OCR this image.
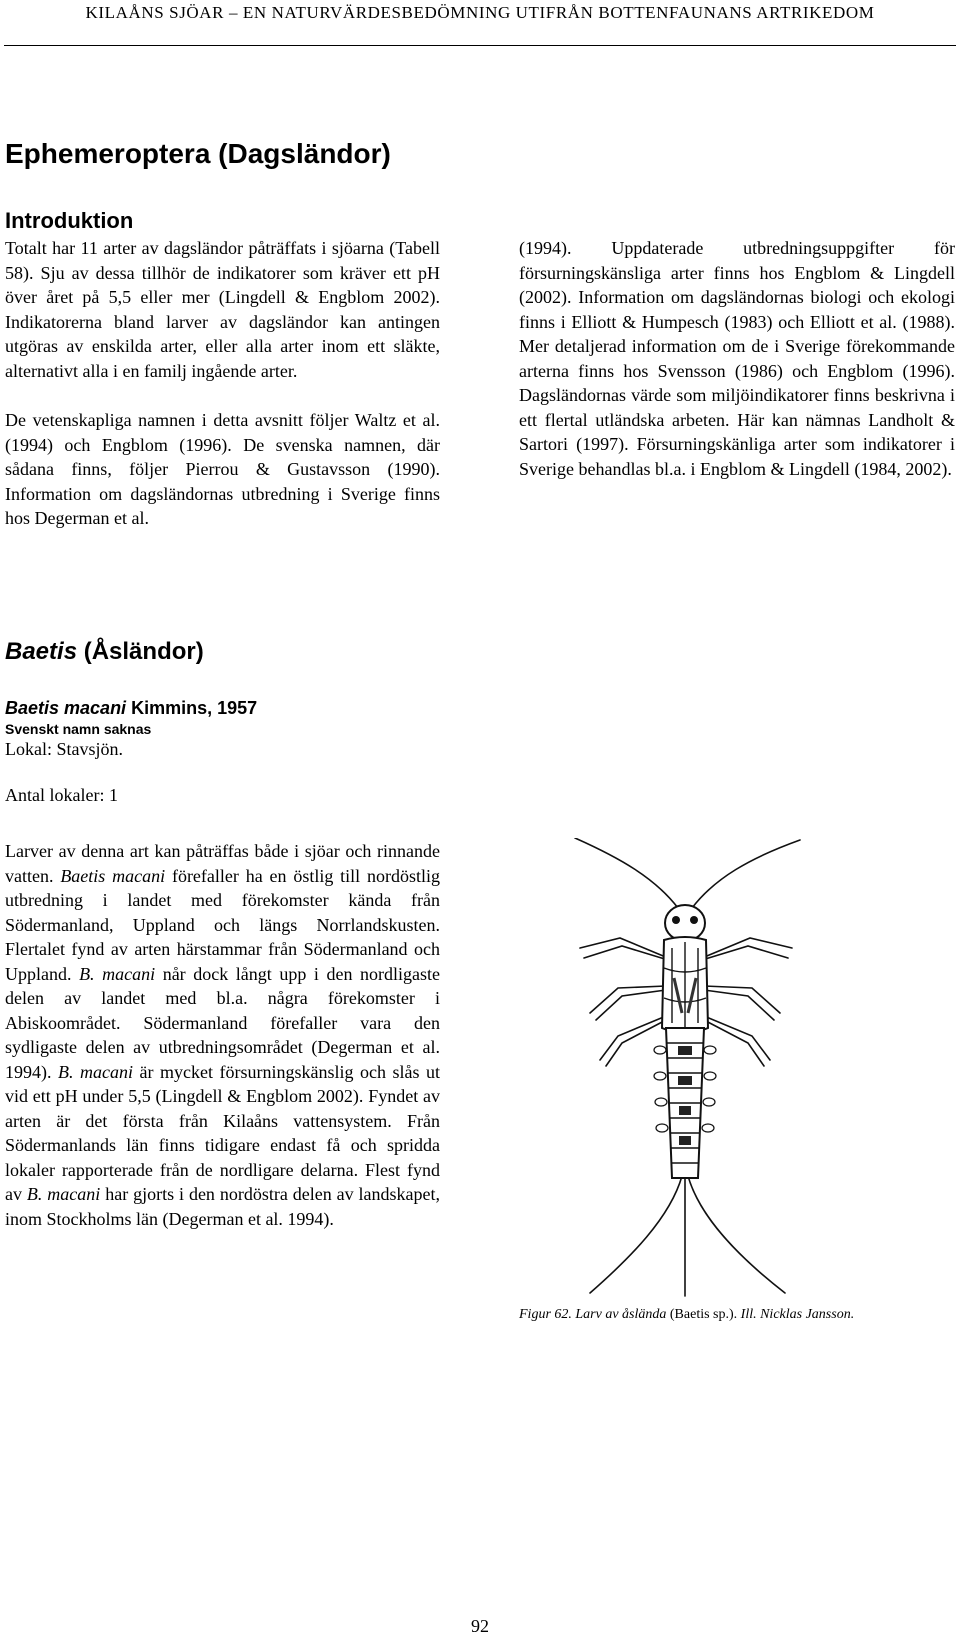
KILAÅNS SJÖAR – EN NATURVÄRDESBEDÖMNING UTIFRÅN BOTTENFAUNANS ARTRIKEDOM
Ephemeroptera (Dagsländor)
Introduktion

Totalt har 11 arter av dagsländor påträffats i sjöarna (Tabell 58). Sju av dessa tillhör de indikatorer som kräver ett pH över året på 5,5 eller mer (Lingdell & Engblom 2002). Indikatorerna bland larver av dagsländor kan antingen utgöras av enskilda arter, eller alla arter inom ett släkte, alternativt alla i en familj ingående arter.

De vetenskapliga namnen i detta avsnitt följer Waltz et al. (1994) och Engblom (1996). De svenska namnen, där sådana finns, följer Pierrou & Gustavsson (1990). Information om dagsländornas utbredning i Sverige finns hos Degerman et al.

(1994). Uppdaterade utbredningsuppgifter för försurningskänsliga arter finns hos Engblom & Lingdell (2002). Information om dagsländornas biologi och ekologi finns i Elliott & Humpesch (1983) och Elliott et al. (1988). Mer detaljerad information om de i Sverige förekommande arterna finns hos Svensson (1986) och Engblom (1996). Dagsländornas värde som miljöindikatorer finns beskrivna i ett flertal utländska arbeten. Här kan nämnas Landholt & Sartori (1997). Försurningskänliga arter som indikatorer i Sverige behandlas bl.a. i Engblom & Lingdell (1984, 2002).

Baetis (Åsländor)
Baetis macani Kimmins, 1957
Svenskt namn saknas
Lokal: Stavsjön.
Antal lokaler: 1

Larver av denna art kan påträffas både i sjöar och rinnande vatten. Baetis macani förefaller ha en östlig till nordöstlig utbredning i landet med förekomster kända från Södermanland, Uppland och längs Norrlandskusten. Flertalet fynd av arten härstammar från Södermanland och Uppland. B. macani når dock långt upp i den nordligaste delen av landet med bl.a. några förekomster i Abiskoområdet. Södermanland förefaller vara den sydligaste delen av utbredningsområdet (Degerman et al. 1994). B. macani är mycket försurningskänslig och slås ut vid ett pH under 5,5 (Lingdell & Engblom 2002). Fyndet av arten är det första från Kilaåns vattensystem. Från Södermanlands län finns tidigare endast få och spridda lokaler rapporterade från de nordligare delarna. Flest fynd av B. macani har gjorts i den nordöstra delen av landskapet, inom Stockholms län (Degerman et al. 1994).

Figur 62. Larv av åslända (Baetis sp.). Ill. Nicklas Jansson.
92
